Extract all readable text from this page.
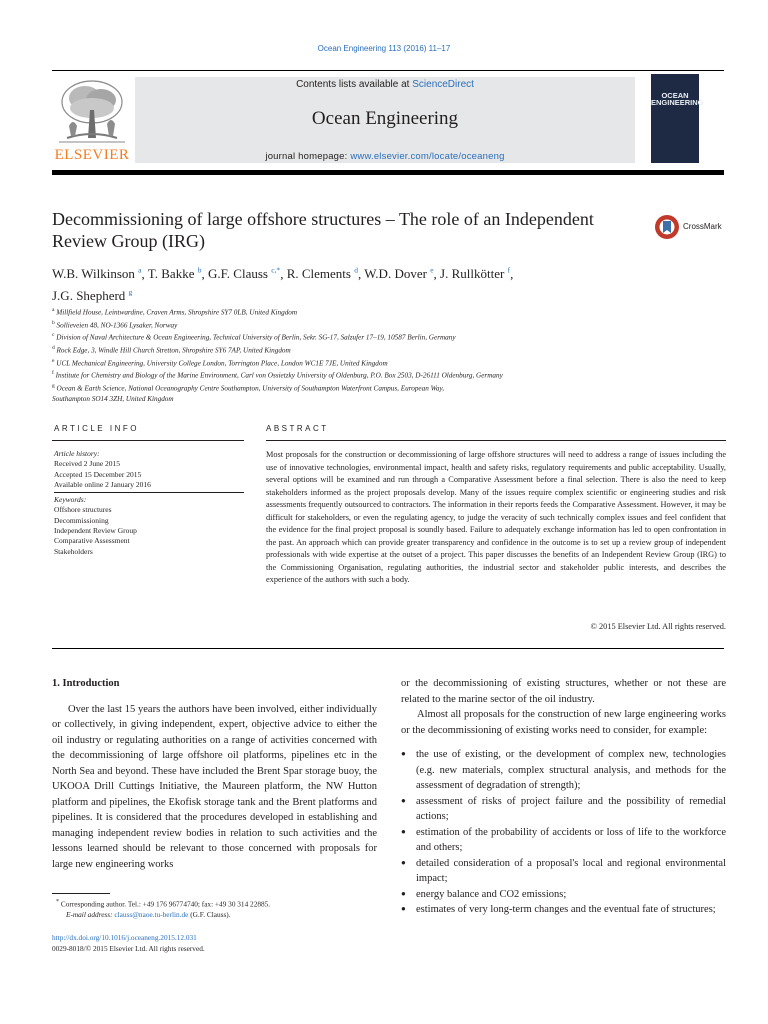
Ocean Engineering 113 (2016) 11–17
Contents lists available at ScienceDirect
Ocean Engineering
journal homepage: www.elsevier.com/locate/oceaneng
ELSEVIER
OCEAN ENGINEERING
Decommissioning of large offshore structures – The role of an Independent Review Group (IRG)
CrossMark
W.B. Wilkinson $^a$, T. Bakke $^b$, G.F. Clauss $^{c,*}$, R. Clements $^d$, W.D. Dover $^e$, J. Rullkötter $^f$,
J.G. Shepherd $^g$
$^a$ Millfield House, Leintwardine, Craven Arms, Shropshire SY7 0LB, United Kingdom
$^b$ Sollieveien 48, NO-1366 Lysaker, Norway
$^c$ Division of Naval Architecture & Ocean Engineering, Technical University of Berlin, Sekr. SG-17, Salzufer 17–19, 10587 Berlin, Germany
$^d$ Rock Edge, 3, Windle Hill Church Stretton, Shropshire SY6 7AP, United Kingdom
$^e$ UCL Mechanical Engineering, University College London, Torrington Place, London WC1E 7JE, United Kingdom
$^f$ Institute for Chemistry and Biology of the Marine Environment, Carl von Ossietzky University of Oldenburg, P.O. Box 2503, D-26111 Oldenburg, Germany
$^g$ Ocean & Earth Science, National Oceanography Centre Southampton, University of Southampton Waterfront Campus, European Way,
Southampton SO14 3ZH, United Kingdom
ARTICLE INFO	ABSTRACT
Article history:
Received 2 June 2015
Accepted 15 December 2015
Available online 2 January 2016
Keywords:
Offshore structures
Decommissioning
Independent Review Group
Comparative Assessment
Stakeholders
Most proposals for the construction or decommissioning of large offshore structures will need to address a range of issues including the use of innovative technologies, environmental impact, health and safety risks, regulatory requirements and public acceptability. Usually, several options will be examined and run through a Comparative Assessment before a final selection. There is also the need to keep stakeholders informed as the project proposals develop. Many of the issues require complex scientific or engineering studies and risk assessments frequently outsourced to contractors. The information in their reports feeds the Comparative Assessment. However, it may be difficult for stakeholders, or even the regulating agency, to judge the veracity of such technically complex issues and feel confident that the evidence for the final project proposal is soundly based. Failure to adequately exchange information has led to open confrontation in the past. An approach which can provide greater transparency and confidence in the outcome is to set up a review group of independent professionals with wide expertise at the outset of a project. This paper discusses the benefits of an Independent Review Group (IRG) to the Commissioning Organisation, regulating authorities, the industrial sector and stakeholder public interests, and describes the experience of the authors with such a body.
© 2015 Elsevier Ltd. All rights reserved.
1. Introduction

Over the last 15 years the authors have been involved, either individually or collectively, in giving independent, expert, objective advice to either the oil industry or regulating authorities on a range of activities concerned with the decommissioning of large offshore oil platforms, pipelines etc in the North Sea and beyond. These have included the Brent Spar storage buoy, the UKOOA Drill Cuttings Initiative, the Maureen platform, the NW Hutton platform and pipelines, the Ekofisk storage tank and the Brent platforms and pipelines. It is considered that the procedures developed in establishing and managing independent review bodies in relation to such activities and the lessons learned should be relevant to those concerned with proposals for large new engineering works

or the decommissioning of existing structures, whether or not these are related to the marine sector of the oil industry.

Almost all proposals for the construction of new large engineering works or the decommissioning of existing works need to consider, for example:

● the use of existing, or the development of complex new, technologies (e.g. new materials, complex structural analysis, and methods for the assessment of degradation of strength);
● assessment of risks of project failure and the possibility of remedial actions;
● estimation of the probability of accidents or loss of life to the workforce and others;
● detailed consideration of a proposal's local and regional environmental impact;
● energy balance and CO2 emissions;
● estimates of very long-term changes and the eventual fate of structures;
* Corresponding author. Tel.: +49 176 96774740; fax: +49 30 314 22885.
E-mail address: clauss@naoe.tu-berlin.de (G.F. Clauss).
http://dx.doi.org/10.1016/j.oceaneng.2015.12.031
0029-8018/© 2015 Elsevier Ltd. All rights reserved.
